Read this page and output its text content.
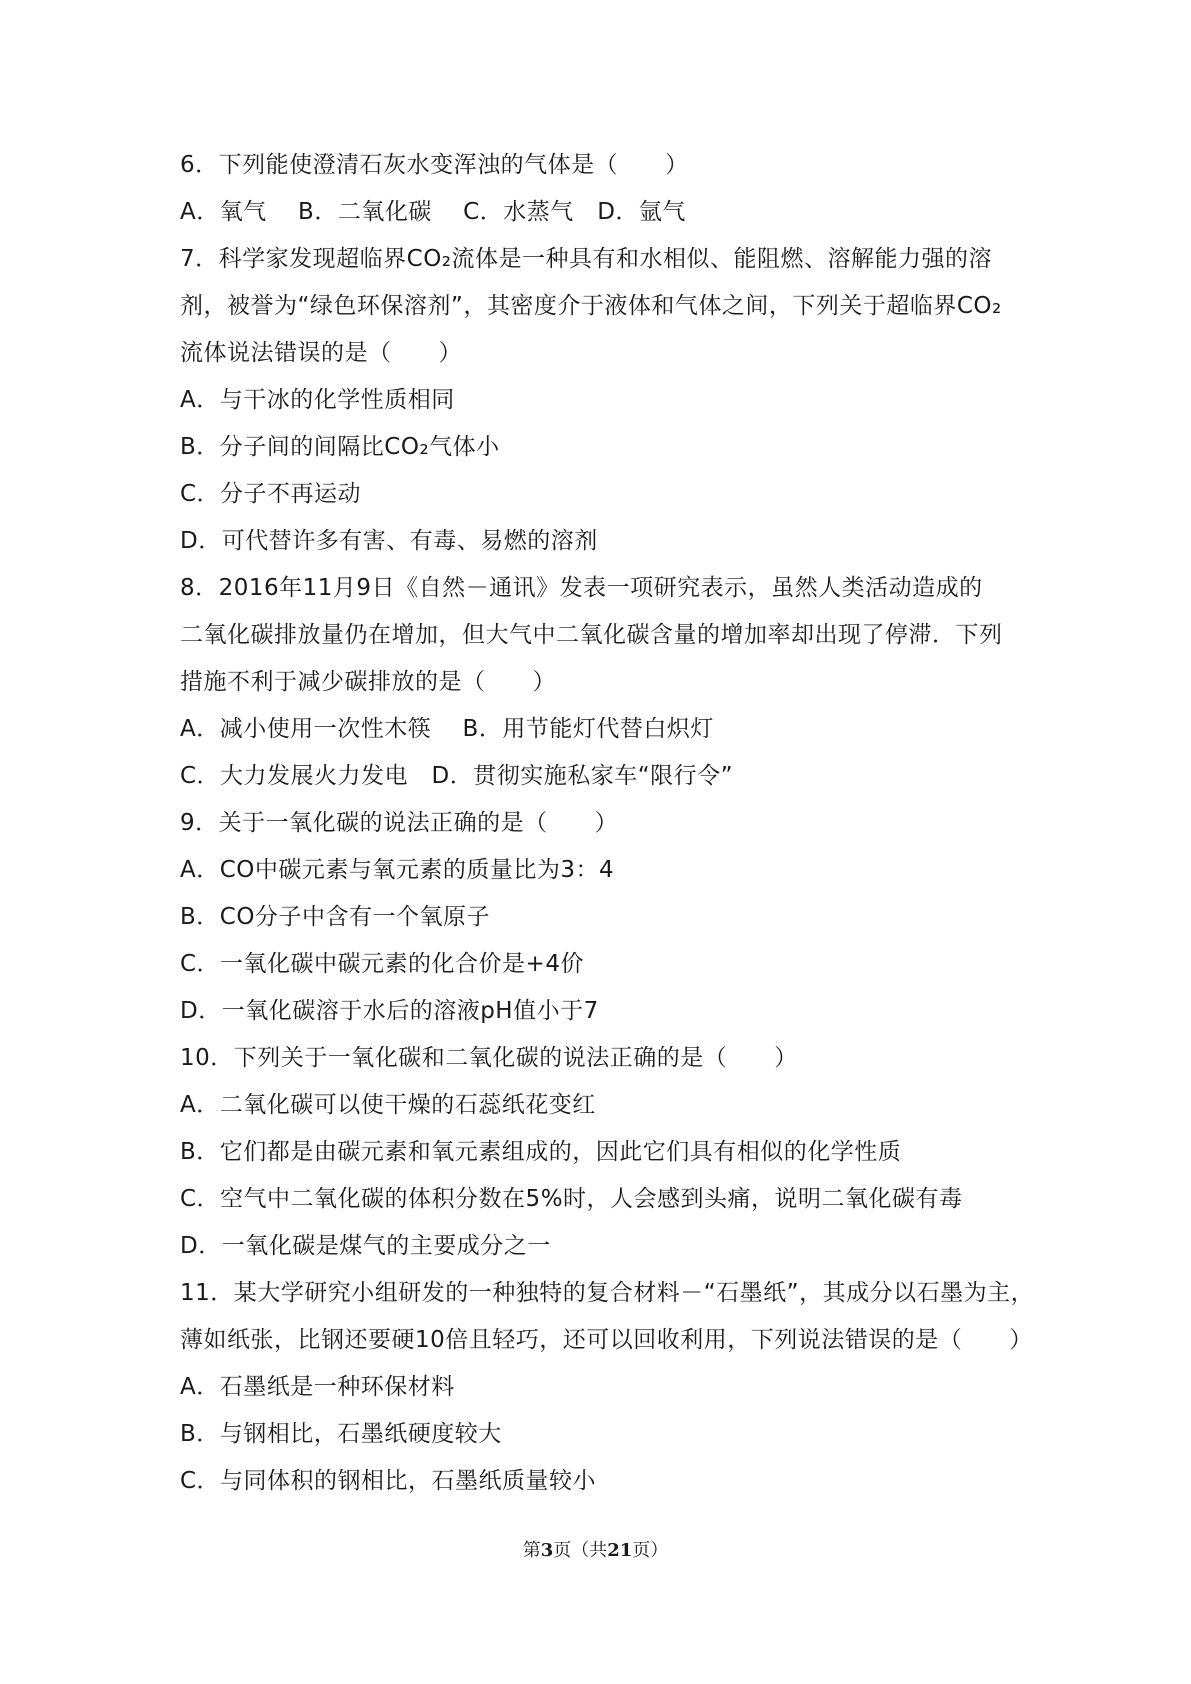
6．下列能使澄清石灰水变浑浊的气体是（　　）
A．氧气　 B．二氧化碳　 C．水蒸气　D．氩气
7．科学家发现超临界CO₂流体是一种具有和水相似、能阻燃、溶解能力强的溶
剂，被誉为“绿色环保溶剂”，其密度介于液体和气体之间，下列关于超临界CO₂
流体说法错误的是（　　）
A．与干冰的化学性质相同
B．分子间的间隔比CO₂气体小
C．分子不再运动
D．可代替许多有害、有毒、易燃的溶剂
8．2016年11月9日《自然－通讯》发表一项研究表示，虽然人类活动造成的
二氧化碳排放量仍在增加，但大气中二氧化碳含量的增加率却出现了停滞．下列
措施不利于减少碳排放的是（　　）
A．减小使用一次性木筷　 B．用节能灯代替白炽灯
C．大力发展火力发电　D．贯彻实施私家车“限行令”
9．关于一氧化碳的说法正确的是（　　）
A．CO中碳元素与氧元素的质量比为3：4
B．CO分子中含有一个氧原子
C．一氧化碳中碳元素的化合价是+4价
D．一氧化碳溶于水后的溶液pH值小于7
10．下列关于一氧化碳和二氧化碳的说法正确的是（　　）
A．二氧化碳可以使干燥的石蕊纸花变红
B．它们都是由碳元素和氧元素组成的，因此它们具有相似的化学性质
C．空气中二氧化碳的体积分数在5%时，人会感到头痛，说明二氧化碳有毒
D．一氧化碳是煤气的主要成分之一
11．某大学研究小组研发的一种独特的复合材料－“石墨纸”，其成分以石墨为主，
薄如纸张，比钢还要硬10倍且轻巧，还可以回收利用，下列说法错误的是（　　）
A．石墨纸是一种环保材料
B．与钢相比，石墨纸硬度较大
C．与同体积的钢相比，石墨纸质量较小
第3页（共21页）
